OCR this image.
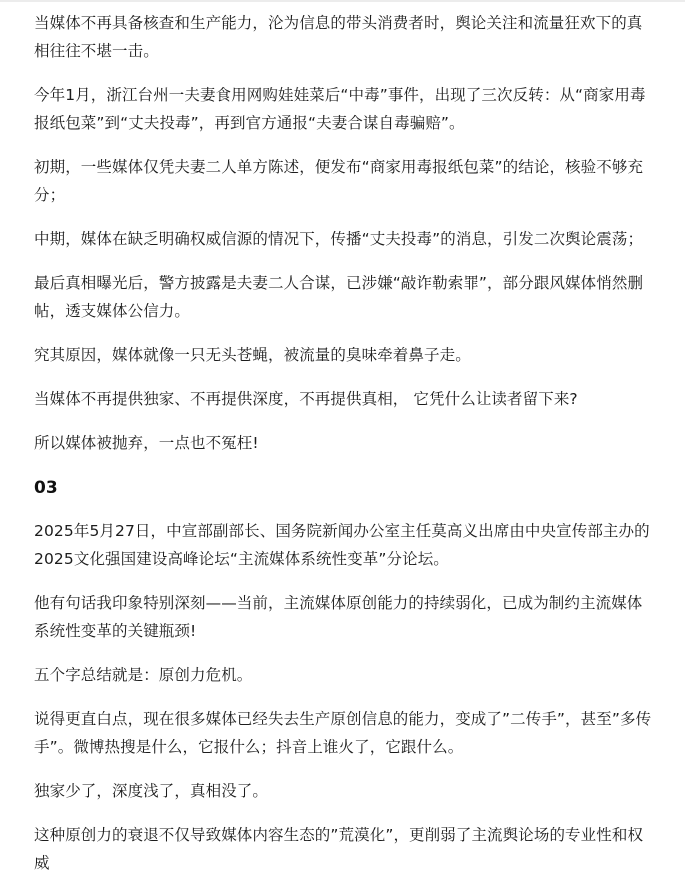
当媒体不再具备核查和生产能力，沦为信息的带头消费者时，舆论关注和流量狂欢下的真相往往不堪一击。

今年1月，浙江台州一夫妻食用网购娃娃菜后“中毒”事件，出现了三次反转：从“商家用毒报纸包菜”到“丈夫投毒”，再到官方通报“夫妻合谋自毒骗赔”。

初期，一些媒体仅凭夫妻二人单方陈述，便发布“商家用毒报纸包菜”的结论，核验不够充分；

中期，媒体在缺乏明确权威信源的情况下，传播“丈夫投毒”的消息，引发二次舆论震荡；

最后真相曝光后，警方披露是夫妻二人合谋，已涉嫌“敲诈勒索罪”，部分跟风媒体悄然删帖，透支媒体公信力。

究其原因，媒体就像一只无头苍蝇，被流量的臭味牵着鼻子走。

当媒体不再提供独家、不再提供深度，不再提供真相， 它凭什么让读者留下来?

所以媒体被抛弃，一点也不冤枉!

03

2025年5月27日，中宣部副部长、国务院新闻办公室主任莫高义出席由中央宣传部主办的2025文化强国建设高峰论坛“主流媒体系统性变革”分论坛。

他有句话我印象特别深刻——当前，主流媒体原创能力的持续弱化，已成为制约主流媒体系统性变革的关键瓶颈!

五个字总结就是：原创力危机。

说得更直白点，现在很多媒体已经失去生产原创信息的能力，变成了”二传手”，甚至”多传手”。微博热搜是什么，它报什么；抖音上谁火了，它跟什么。

独家少了，深度浅了，真相没了。

这种原创力的衰退不仅导致媒体内容生态的”荒漠化”，更削弱了主流舆论场的专业性和权威
